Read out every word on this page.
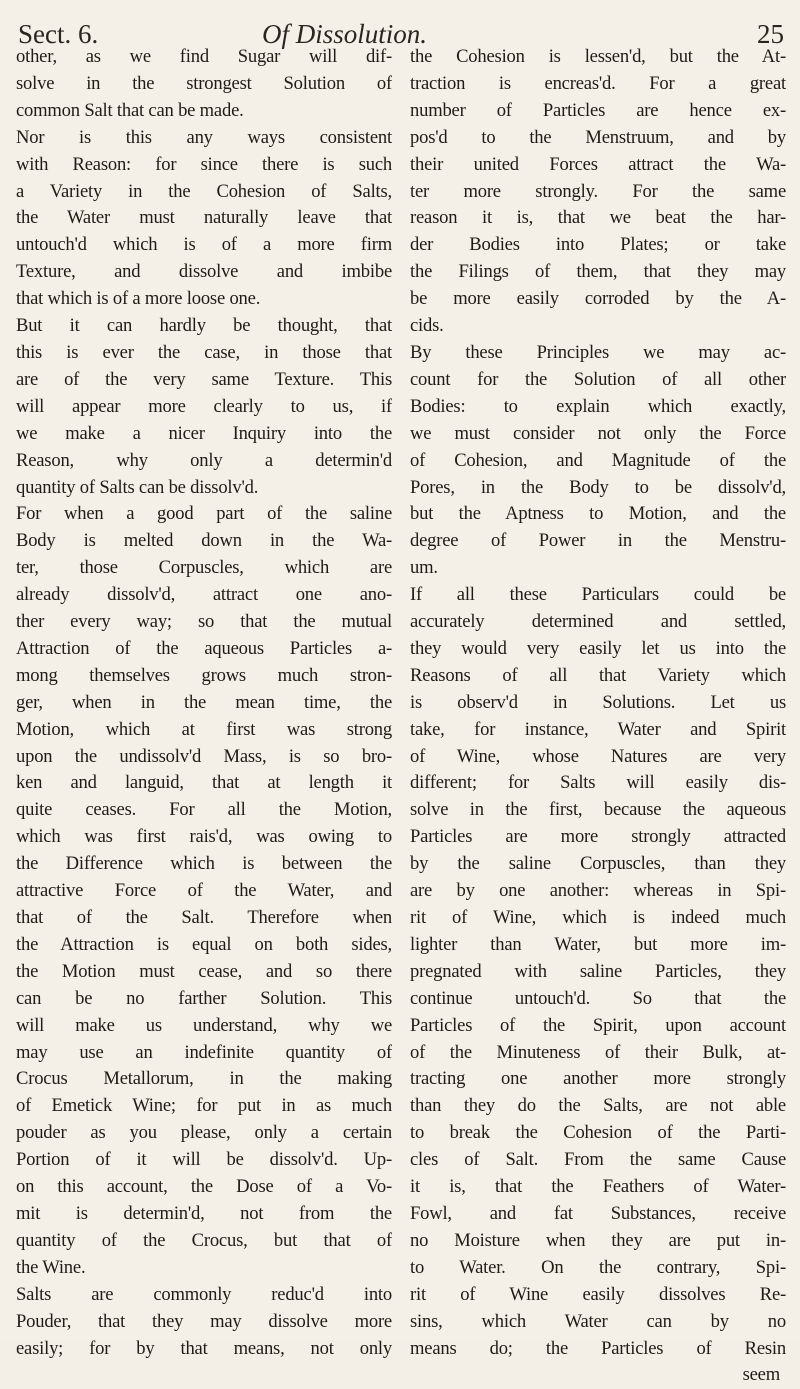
Sect. 6.	Of Dissolution.	25
other, as we find Sugar will dif-
solve in the strongest Solution of
common Salt that can be made.
Nor is this any ways consistent
with Reason: for since there is such
a Variety in the Cohesion of Salts,
the Water must naturally leave that
untouch'd which is of a more firm
Texture, and dissolve and imbibe
that which is of a more loose one.
But it can hardly be thought, that
this is ever the case, in those that
are of the very same Texture. This
will appear more clearly to us, if
we make a nicer Inquiry into the
Reason, why only a determin'd
quantity of Salts can be dissolv'd.
For when a good part of the saline
Body is melted down in the Wa-
ter, those Corpuscles, which are
already dissolv'd, attract one ano-
ther every way; so that the mutual
Attraction of the aqueous Particles a-
mong themselves grows much stron-
ger, when in the mean time, the
Motion, which at first was strong
upon the undissolv'd Mass, is so bro-
ken and languid, that at length it
quite ceases. For all the Motion,
which was first rais'd, was owing to
the Difference which is between the
attractive Force of the Water, and
that of the Salt. Therefore when
the Attraction is equal on both sides,
the Motion must cease, and so there
can be no farther Solution. This
will make us understand, why we
may use an indefinite quantity of
Crocus Metallorum, in the making
of Emetick Wine; for put in as much
pouder as you please, only a certain
Portion of it will be dissolv'd. Up-
on this account, the Dose of a Vo-
mit is determin'd, not from the
quantity of the Crocus, but that of
the Wine.
Salts are commonly reduc'd into
Pouder, that they may dissolve more
easily; for by that means, not only
the Cohesion is lessen'd, but the At-
traction is encreas'd. For a great
number of Particles are hence ex-
pos'd to the Menstruum, and by
their united Forces attract the Wa-
ter more strongly. For the same
reason it is, that we beat the har-
der Bodies into Plates; or take
the Filings of them, that they may
be more easily corroded by the A-
cids.
By these Principles we may ac-
count for the Solution of all other
Bodies: to explain which exactly,
we must consider not only the Force
of Cohesion, and Magnitude of the
Pores, in the Body to be dissolv'd,
but the Aptness to Motion, and the
degree of Power in the Menstru-
um.
If all these Particulars could be
accurately determined and settled,
they would very easily let us into the
Reasons of all that Variety which
is observ'd in Solutions. Let us
take, for instance, Water and Spirit
of Wine, whose Natures are very
different; for Salts will easily dis-
solve in the first, because the aqueous
Particles are more strongly attracted
by the saline Corpuscles, than they
are by one another: whereas in Spi-
rit of Wine, which is indeed much
lighter than Water, but more im-
pregnated with saline Particles, they
continue untouch'd. So that the
Particles of the Spirit, upon account
of the Minuteness of their Bulk, at-
tracting one another more strongly
than they do the Salts, are not able
to break the Cohesion of the Parti-
cles of Salt. From the same Cause
it is, that the Feathers of Water-
Fowl, and fat Substances, receive
no Moisture when they are put in-
to Water. On the contrary, Spi-
rit of Wine easily dissolves Re-
sins, which Water can by no
means do; the Particles of Resin
seem
